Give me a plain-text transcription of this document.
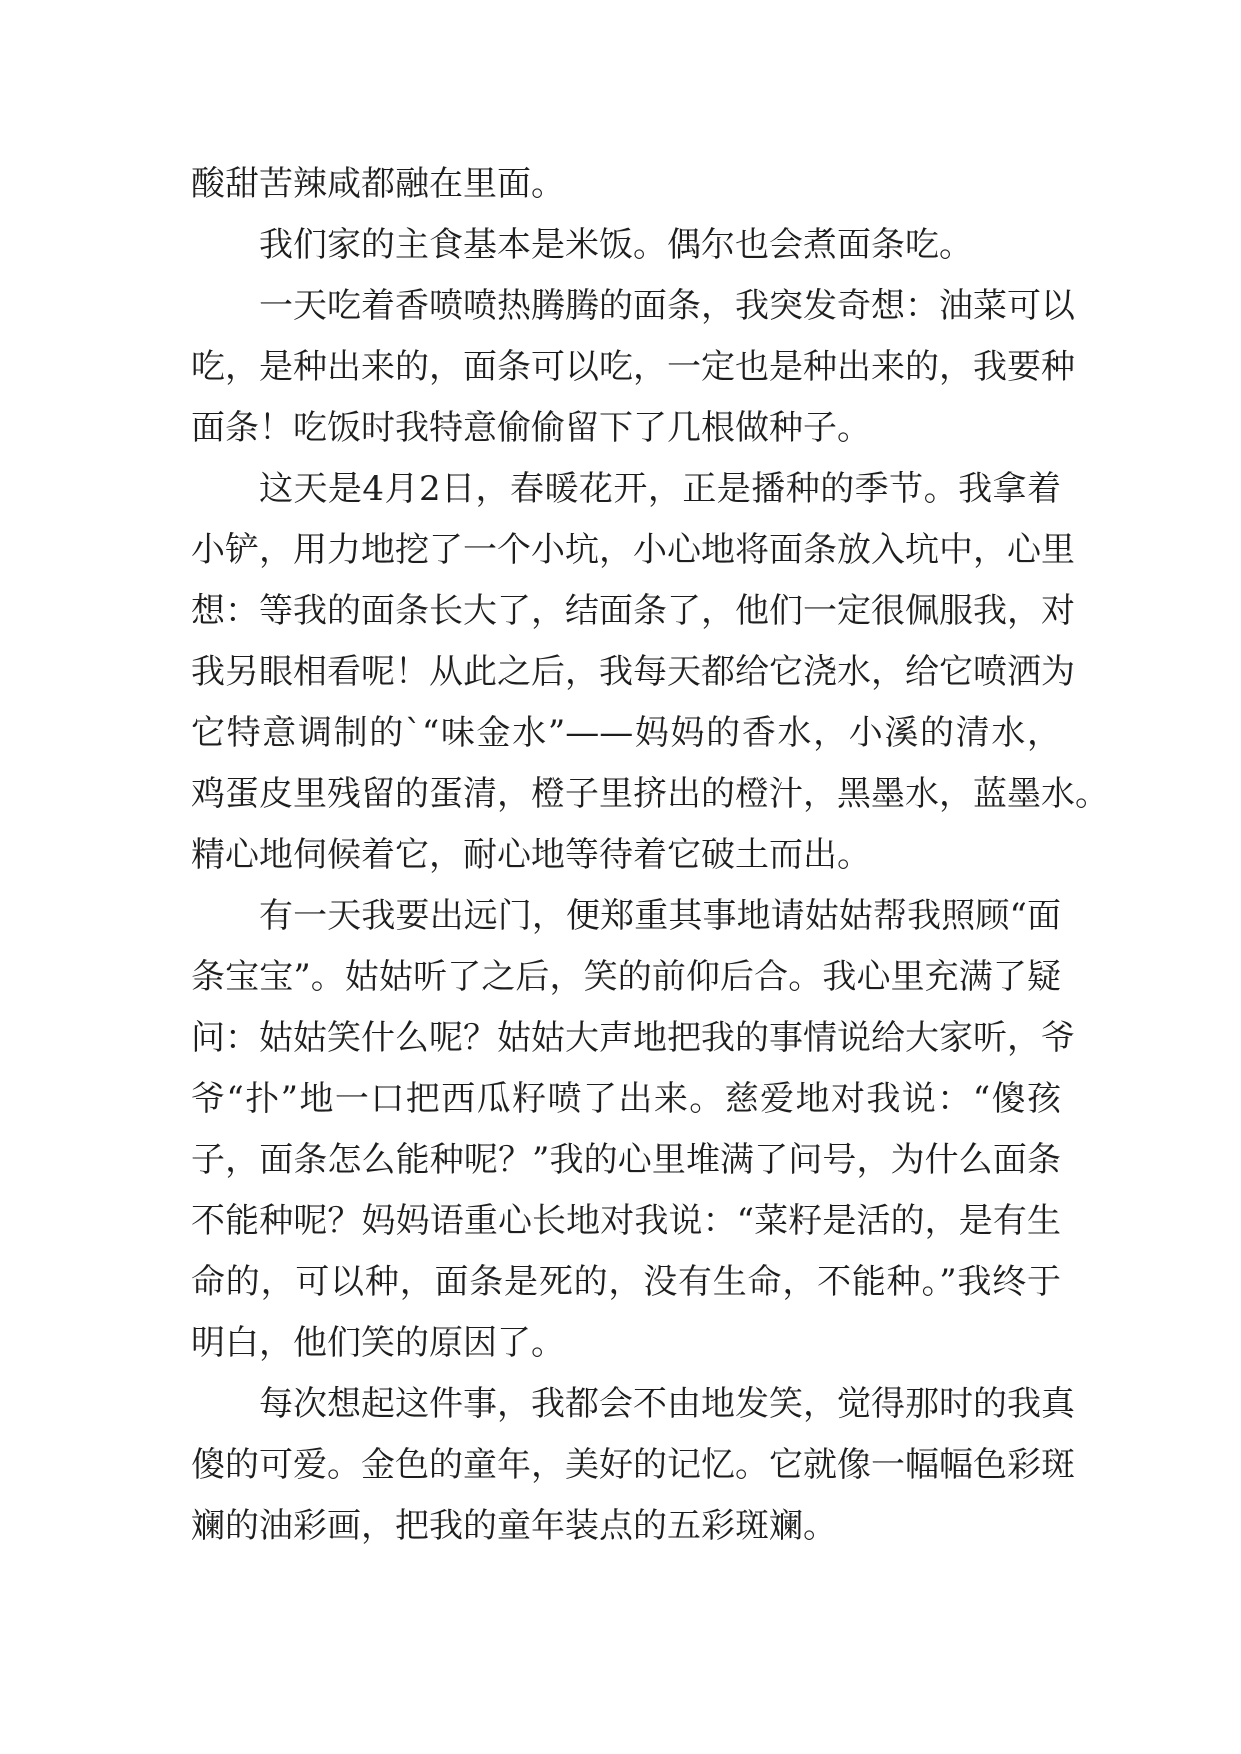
酸甜苦辣咸都融在里面。
我们家的主食基本是米饭。偶尔也会煮面条吃。
一天吃着香喷喷热腾腾的面条，我突发奇想：油菜可以
吃，是种出来的，面条可以吃，一定也是种出来的，我要种
面条！吃饭时我特意偷偷留下了几根做种子。
这天是4月2日，春暖花开，正是播种的季节。我拿着
小铲，用力地挖了一个小坑，小心地将面条放入坑中，心里
想：等我的面条长大了，结面条了，他们一定很佩服我，对
我另眼相看呢！从此之后，我每天都给它浇水，给它喷洒为
它特意调制的`“味金水”——妈妈的香水，小溪的清水，
鸡蛋皮里残留的蛋清，橙子里挤出的橙汁，黑墨水，蓝墨水。
精心地伺候着它，耐心地等待着它破土而出。
有一天我要出远门，便郑重其事地请姑姑帮我照顾“面
条宝宝”。姑姑听了之后，笑的前仰后合。我心里充满了疑
问：姑姑笑什么呢？姑姑大声地把我的事情说给大家听，爷
爷“扑”地一口把西瓜籽喷了出来。慈爱地对我说：“傻孩
子，面条怎么能种呢？”我的心里堆满了问号，为什么面条
不能种呢？妈妈语重心长地对我说：“菜籽是活的，是有生
命的，可以种，面条是死的，没有生命，不能种。”我终于
明白，他们笑的原因了。
每次想起这件事，我都会不由地发笑，觉得那时的我真
傻的可爱。金色的童年，美好的记忆。它就像一幅幅色彩斑
斓的油彩画，把我的童年装点的五彩斑斓。
